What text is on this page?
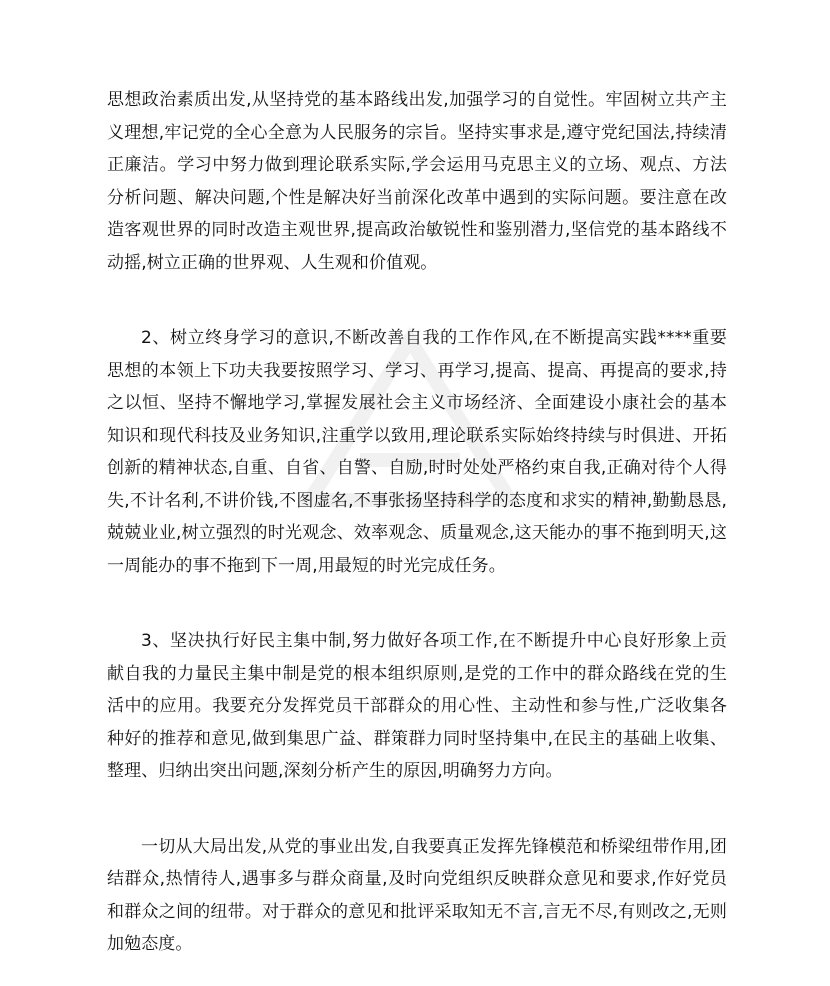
思想政治素质出发,从坚持党的基本路线出发,加强学习的自觉性。牢固树立共产主义理想,牢记党的全心全意为人民服务的宗旨。坚持实事求是,遵守党纪国法,持续清正廉洁。学习中努力做到理论联系实际,学会运用马克思主义的立场、观点、方法分析问题、解决问题,个性是解决好当前深化改革中遇到的实际问题。要注意在改造客观世界的同时改造主观世界,提高政治敏锐性和鉴别潜力,坚信党的基本路线不动摇,树立正确的世界观、人生观和价值观。

2、树立终身学习的意识,不断改善自我的工作作风,在不断提高实践****重要思想的本领上下功夫我要按照学习、学习、再学习,提高、提高、再提高的要求,持之以恒、坚持不懈地学习,掌握发展社会主义市场经济、全面建设小康社会的基本知识和现代科技及业务知识,注重学以致用,理论联系实际始终持续与时俱进、开拓创新的精神状态,自重、自省、自警、自励,时时处处严格约束自我,正确对待个人得失,不计名利,不讲价钱,不图虚名,不事张扬坚持科学的态度和求实的精神,勤勤恳恳,兢兢业业,树立强烈的时光观念、效率观念、质量观念,这天能办的事不拖到明天,这一周能办的事不拖到下一周,用最短的时光完成任务。

3、坚决执行好民主集中制,努力做好各项工作,在不断提升中心良好形象上贡献自我的力量民主集中制是党的根本组织原则,是党的工作中的群众路线在党的生活中的应用。我要充分发挥党员干部群众的用心性、主动性和参与性,广泛收集各种好的推荐和意见,做到集思广益、群策群力同时坚持集中,在民主的基础上收集、整理、归纳出突出问题,深刻分析产生的原因,明确努力方向。

一切从大局出发,从党的事业出发,自我要真正发挥先锋模范和桥梁纽带作用,团结群众,热情待人,遇事多与群众商量,及时向党组织反映群众意见和要求,作好党员和群众之间的纽带。对于群众的意见和批评采取知无不言,言无不尽,有则改之,无则加勉态度。
